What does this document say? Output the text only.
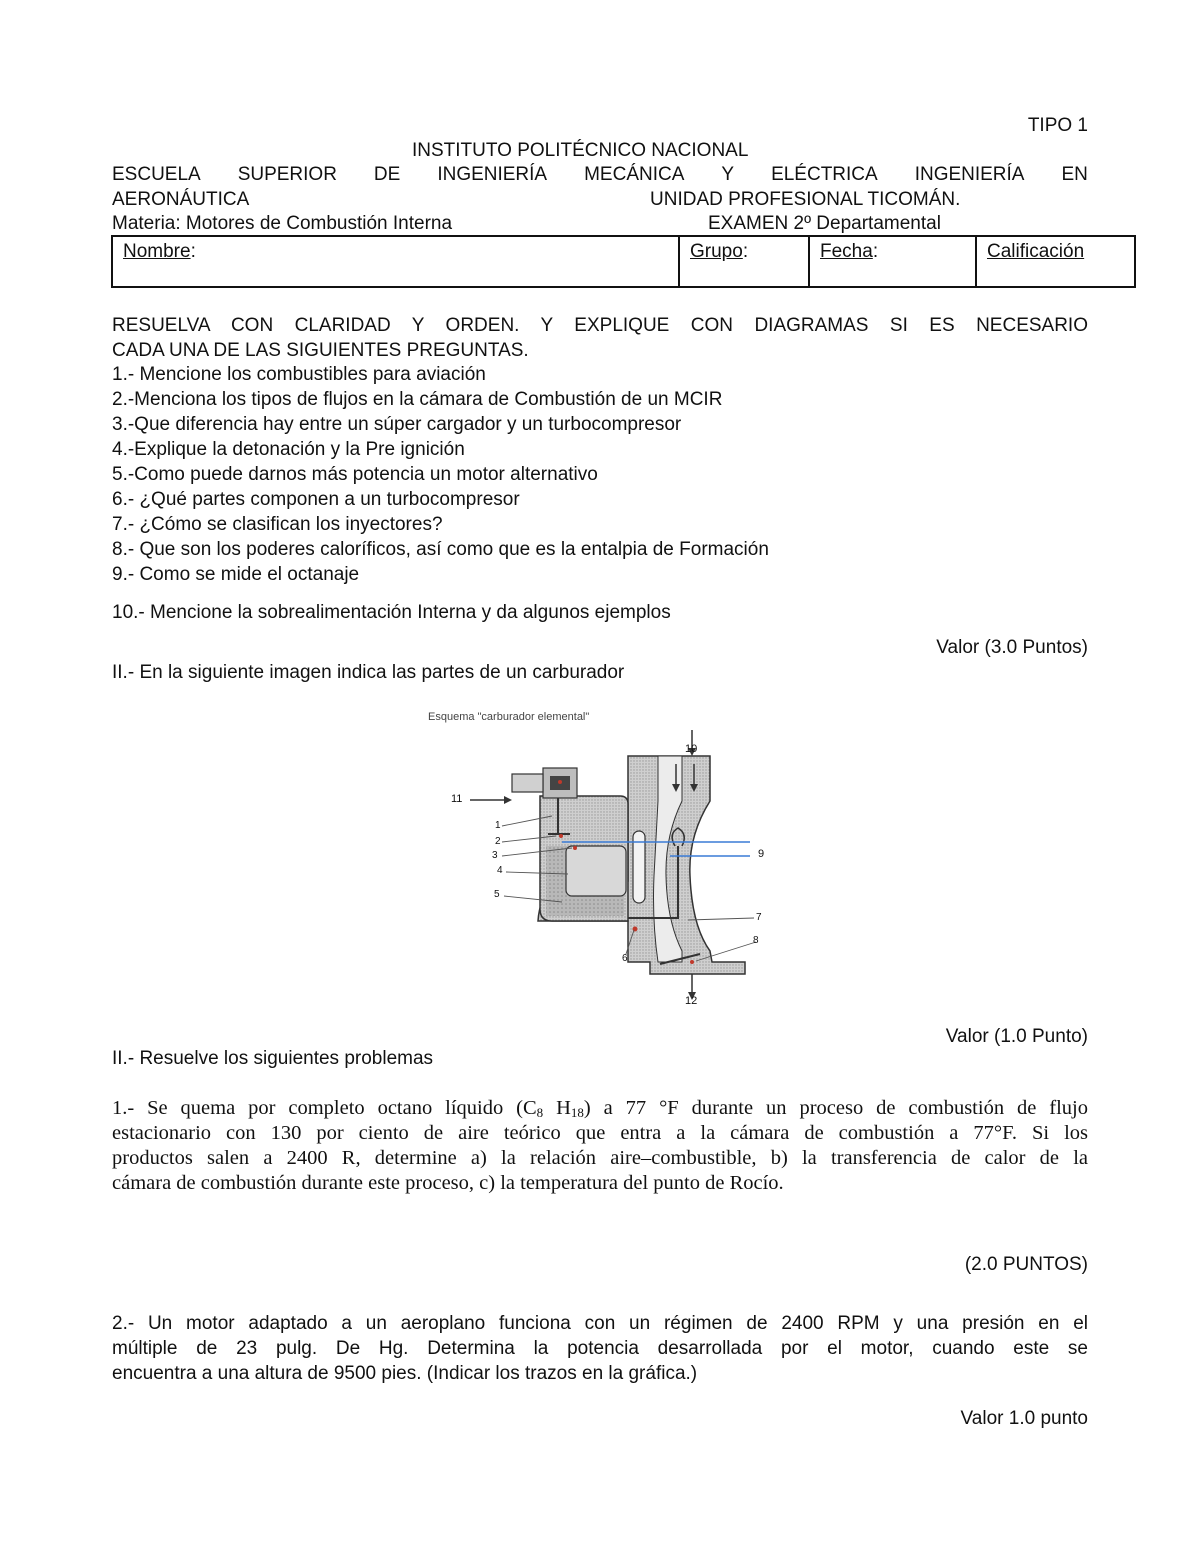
TIPO 1
INSTITUTO POLITÉCNICO NACIONAL
ESCUELA SUPERIOR DE INGENIERÍA MECÁNICA Y ELÉCTRICA INGENIERÍA EN
AERONÁUTICA	UNIDAD PROFESIONAL TICOMÁN.
Materia: Motores de Combustión Interna	EXAMEN 2º Departamental
Nombre:	Grupo:	Fecha:	Calificación
RESUELVA CON CLARIDAD Y ORDEN. Y EXPLIQUE CON DIAGRAMAS SI ES NECESARIO
CADA UNA DE LAS SIGUIENTES PREGUNTAS.
1.- Mencione los combustibles para aviación
2.-Menciona los tipos de flujos en la cámara de Combustión de un MCIR
3.-Que diferencia hay entre un súper cargador y un turbocompresor
4.-Explique la detonación y la Pre ignición
5.-Como puede darnos más potencia un motor alternativo
6.- ¿Qué partes componen a un turbocompresor
7.- ¿Cómo se clasifican los inyectores?
8.- Que son los poderes caloríficos, así como que es la entalpia de Formación
9.- Como se mide el octanaje
10.- Mencione la sobrealimentación Interna y da algunos ejemplos
Valor (3.0 Puntos)
II.- En la siguiente imagen indica las partes de un carburador
Esquema "carburador elemental"
11
1
2
3
4
5
6
7
8
9
10
12
Valor (1.0 Punto)
II.- Resuelve los siguientes problemas
1.- Se quema por completo octano líquido ($C_8$ $H_{18}$) a 77 °F durante un proceso de combustión de flujo
estacionario con 130 por ciento de aire teórico que entra a la cámara de combustión a 77°F. Si los
productos salen a 2400 R, determine a) la relación aire–combustible, b) la transferencia de calor de la
cámara de combustión durante este proceso, c) la temperatura del punto de Rocío.
(2.0 PUNTOS)
2.- Un motor adaptado a un aeroplano funciona con un régimen de 2400 RPM y una presión en el
múltiple de 23 pulg. De Hg. Determina la potencia desarrollada por el motor, cuando este se
encuentra a una altura de 9500 pies. (Indicar los trazos en la gráfica.)
Valor 1.0 punto
